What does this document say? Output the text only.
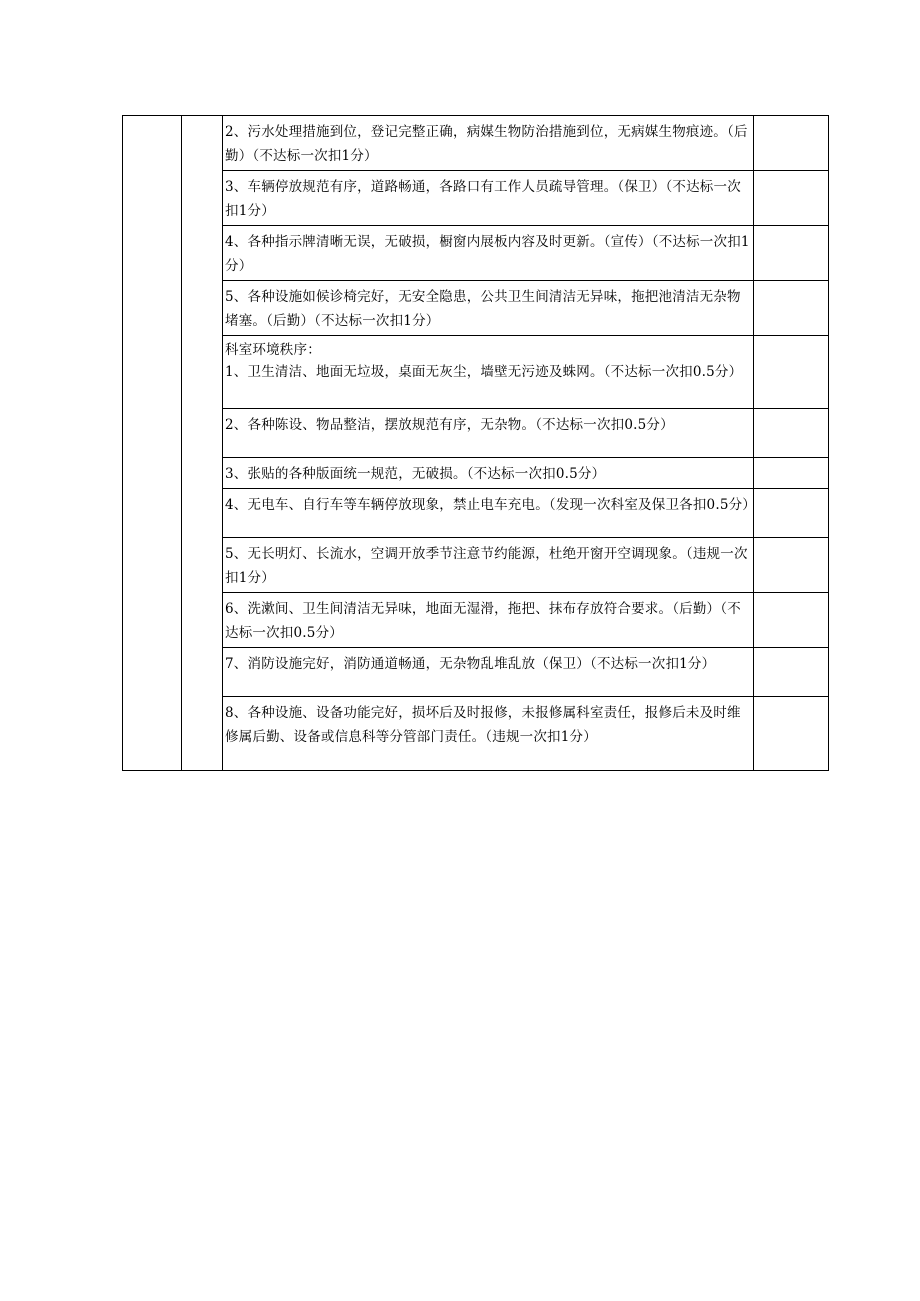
		2、污水处理措施到位，登记完整正确，病媒生物防治措施到位，无病媒生物痕迹。（后勤）（不达标一次扣1分）	

		3、车辆停放规范有序，道路畅通，各路口有工作人员疏导管理。（保卫）（不达标一次扣1分）	

		4、各种指示牌清晰无误，无破损，橱窗内展板内容及时更新。（宣传）（不达标一次扣1分）	

		5、各种设施如候诊椅完好，无安全隐患，公共卫生间清洁无异味，拖把池清洁无杂物堵塞。（后勤）（不达标一次扣1分）	

		科室环境秩序：
1、卫生清洁、地面无垃圾，桌面无灰尘，墙壁无污迹及蛛网。（不达标一次扣0.5分）	

		2、各种陈设、物品整洁，摆放规范有序，无杂物。（不达标一次扣0.5分）	

		3、张贴的各种版面统一规范，无破损。（不达标一次扣0.5分）	

		4、无电车、自行车等车辆停放现象，禁止电车充电。（发现一次科室及保卫各扣0.5分）	

		5、无长明灯、长流水，空调开放季节注意节约能源，杜绝开窗开空调现象。（违规一次扣1分）	

		6、洗漱间、卫生间清洁无异味，地面无湿滑，拖把、抹布存放符合要求。（后勤）（不达标一次扣0.5分）	

		7、消防设施完好，消防通道畅通，无杂物乱堆乱放（保卫）（不达标一次扣1分）	

		8、各种设施、设备功能完好，损坏后及时报修，未报修属科室责任，报修后未及时维修属后勤、设备或信息科等分管部门责任。（违规一次扣1分）	
